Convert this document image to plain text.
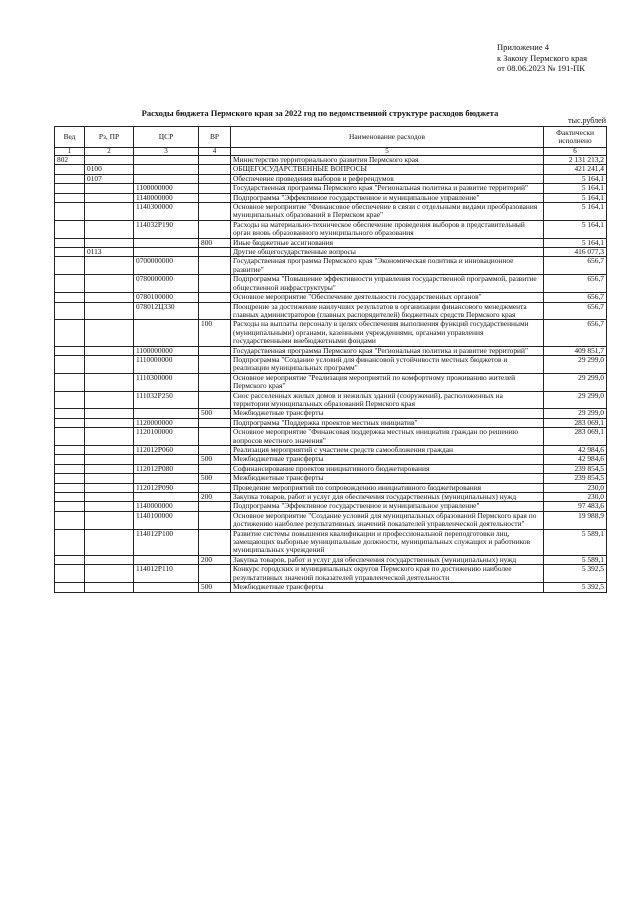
Приложение 4
к Закону Пермского края
от 08.06.2023 № 191-ПК
Расходы бюджета Пермского края за 2022 год по ведомственной структуре расходов бюджета
тыс.рублей
Вед	Рз, ПР	ЦСР	ВР	Наименование расходов	Фактически исполнено
1	2	3	4	5	6
802				Министерство территориального развития Пермского края	2 131 213,2
	0100			ОБЩЕГОСУДАРСТВЕННЫЕ ВОПРОСЫ	421 241,4
	0107			Обеспечение проведения выборов и референдумов	5 164,1
		1100000000		Государственная программа Пермского края "Региональная политика и развитие территорий"	5 164,1
		1140000000		Подпрограмма "Эффективное государственное и муниципальное управление"	5 164,1
		1140300000		Основное мероприятие "Финансовое обеспечение в связи с отдельными видами преобразования муниципальных образований в Пермском крае"	5 164,1
		114032P190		Расходы на материально-техническое обеспечение проведения выборов в представительный орган вновь образованного муниципального образования	5 164,1
			800	Иные бюджетные ассигнования	5 164,1
	0113			Другие общегосударственные вопросы	416 077,3
		0700000000		Государственная программа Пермского края "Экономическая политика и инновационное развитие"	656,7
		0780000000		Подпрограмма "Повышение эффективности управления государственной программой, развитие общественной инфраструктуры"	656,7
		0780100000		Основное мероприятие "Обеспечение деятельности государственных органов"	656,7
		078012Ц330		Поощрение за достижение наилучших результатов в организации финансового менеджмента главных администраторов (главных распорядителей) бюджетных средств Пермского края	656,7
			100	Расходы на выплаты персоналу в целях обеспечения выполнения функций государственными (муниципальными) органами, казенными учреждениями, органами управления государственными внебюджетными фондами	656,7
		1100000000		Государственная программа Пермского края "Региональная политика и развитие территорий"	409 851,7
		1110000000		Подпрограмма "Создание условий для финансовой устойчивости местных бюджетов и реализации муниципальных программ"	29 299,0
		1110300000		Основное мероприятие "Реализация мероприятий по комфортному проживанию жителей Пермского края"	29 299,0
		111032P250		Снос расселенных жилых домов и нежилых зданий (сооружений), расположенных на территории муниципальных образований Пермского края	29 299,0
			500	Межбюджетные трансферты	29 299,0
		1120000000		Подпрограмма "Поддержка проектов местных инициатив"	283 069,1
		1120100000		Основное мероприятие "Финансовая поддержка местных инициатив граждан по решению вопросов местного значения"	283 069,1
		112012P060		Реализация мероприятий с участием средств самообложения граждан	42 984,6
			500	Межбюджетные трансферты	42 984,6
		112012P080		Софинансирование проектов инициативного бюджетирования	239 854,5
			500	Межбюджетные трансферты	239 854,5
		112012P090		Проведение мероприятий по сопровождению инициативного бюджетирования	230,0
			200	Закупка товаров, работ и услуг для обеспечения государственных (муниципальных) нужд	230,0
		1140000000		Подпрограмма "Эффективное государственное и муниципальное управление"	97 483,6
		1140100000		Основное мероприятие "Создание условий для муниципальных образований Пермского края по достижению наиболее результативных значений показателей управленческой деятельности"	19 988,9
		114012P100		Развитие системы повышения квалификации и профессиональной переподготовки лиц, замещающих выборные муниципальные должности, муниципальных служащих и работников муниципальных учреждений	5 589,1
			200	Закупка товаров, работ и услуг для обеспечения государственных (муниципальных) нужд	5 589,1
		114012P110		Конкурс городских и муниципальных округов Пермского края по достижению наиболее результативных значений показателей управленческой деятельности	5 392,5
			500	Межбюджетные трансферты	5 392,5
